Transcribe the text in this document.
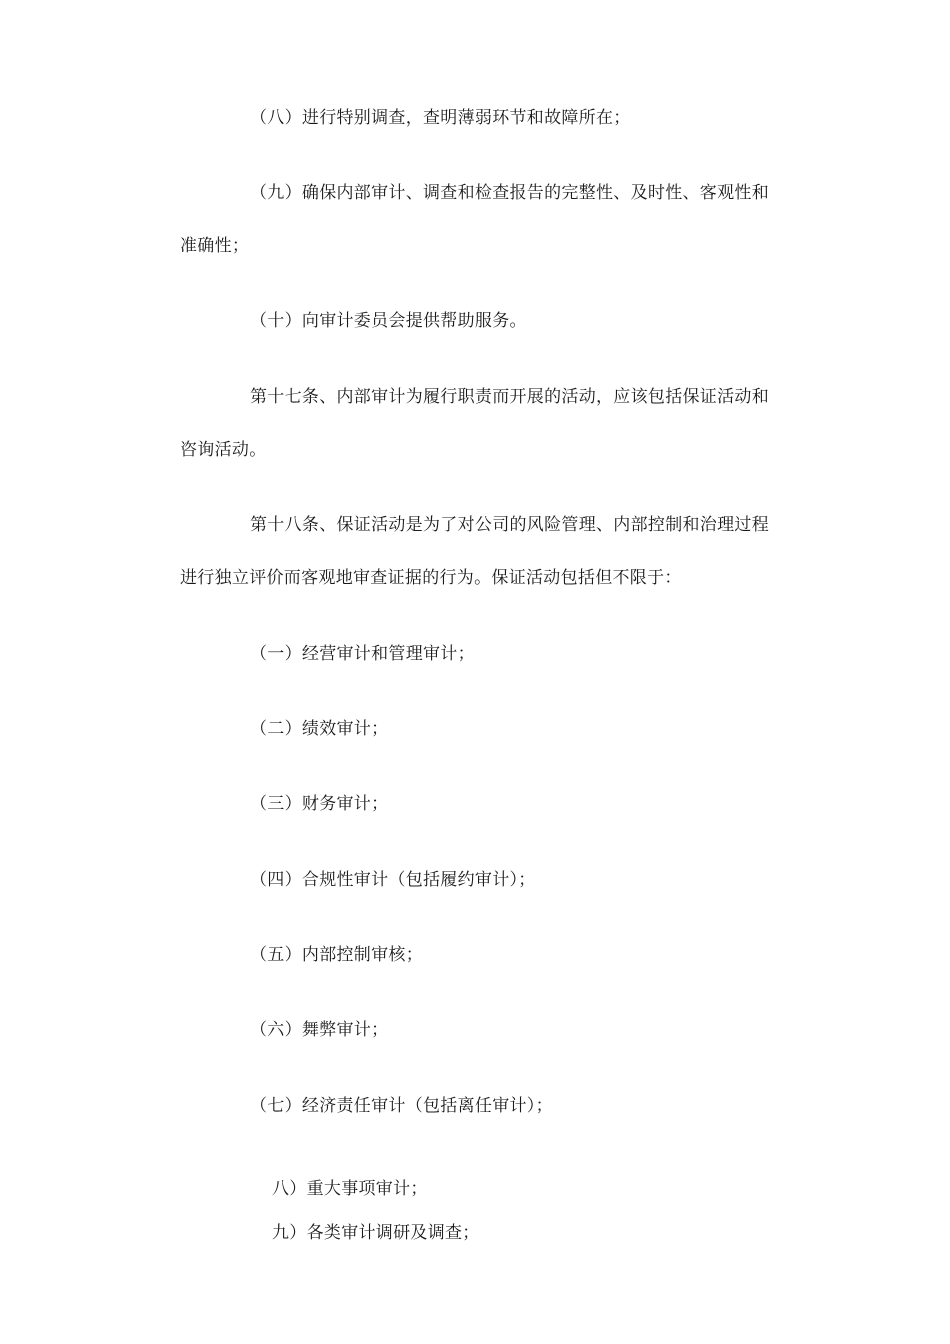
（八）进行特别调查，查明薄弱环节和故障所在；
（九）确保内部审计、调查和检查报告的完整性、及时性、客观性和
准确性；
（十）向审计委员会提供帮助服务。
第十七条、内部审计为履行职责而开展的活动，应该包括保证活动和
咨询活动。
第十八条、保证活动是为了对公司的风险管理、内部控制和治理过程
进行独立评价而客观地审查证据的行为。保证活动包括但不限于：
（一）经营审计和管理审计；
（二）绩效审计；
（三）财务审计；
（四）合规性审计（包括履约审计）；
（五）内部控制审核；
（六）舞弊审计；
（七）经济责任审计（包括离任审计）；
八）重大事项审计；
九）各类审计调研及调查；
